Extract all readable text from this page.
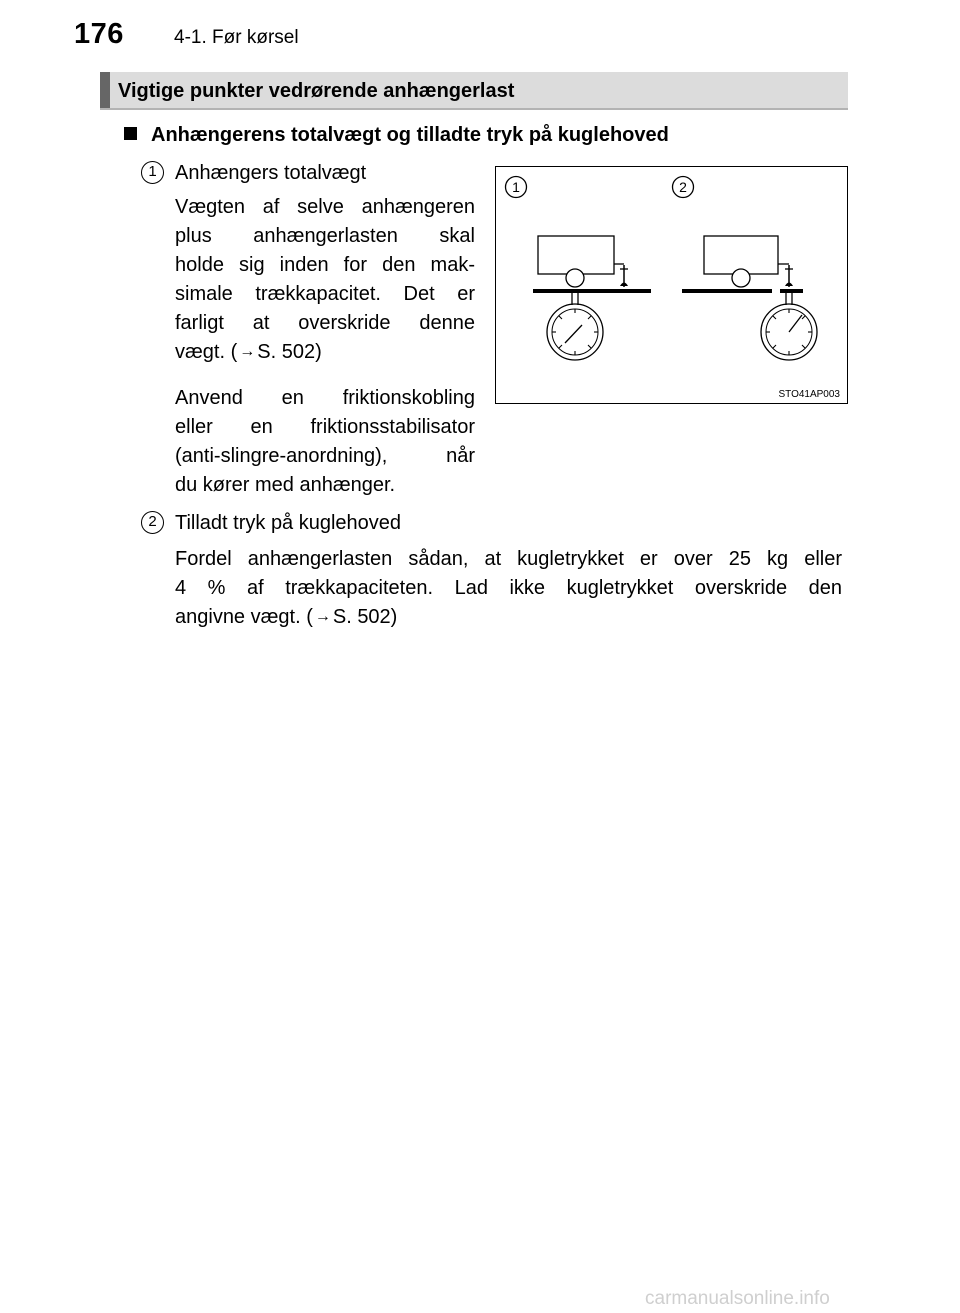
176	4-1. Før kørsel
Vigtige punkter vedrørende anhængerlast
Anhængerens totalvægt og tilladte tryk på kuglehoved
1 Anhængers totalvægt
Vægten af selve anhængeren
plus anhængerlasten skal
holde sig inden for den mak-
simale trækkapacitet. Det er
farligt at overskride denne
vægt. ( → S. 502)
Anvend en friktionskobling
eller en friktionsstabilisator
(anti-slingre-anordning), når
du kører med anhænger.
2 Tilladt tryk på kuglehoved
Fordel anhængerlasten sådan, at kugletrykket er over 25 kg eller
4 % af trækkapaciteten. Lad ikke kugletrykket overskride den
angivne vægt. ( → S. 502)
1	2
STO41AP003
carmanualsonline.info
